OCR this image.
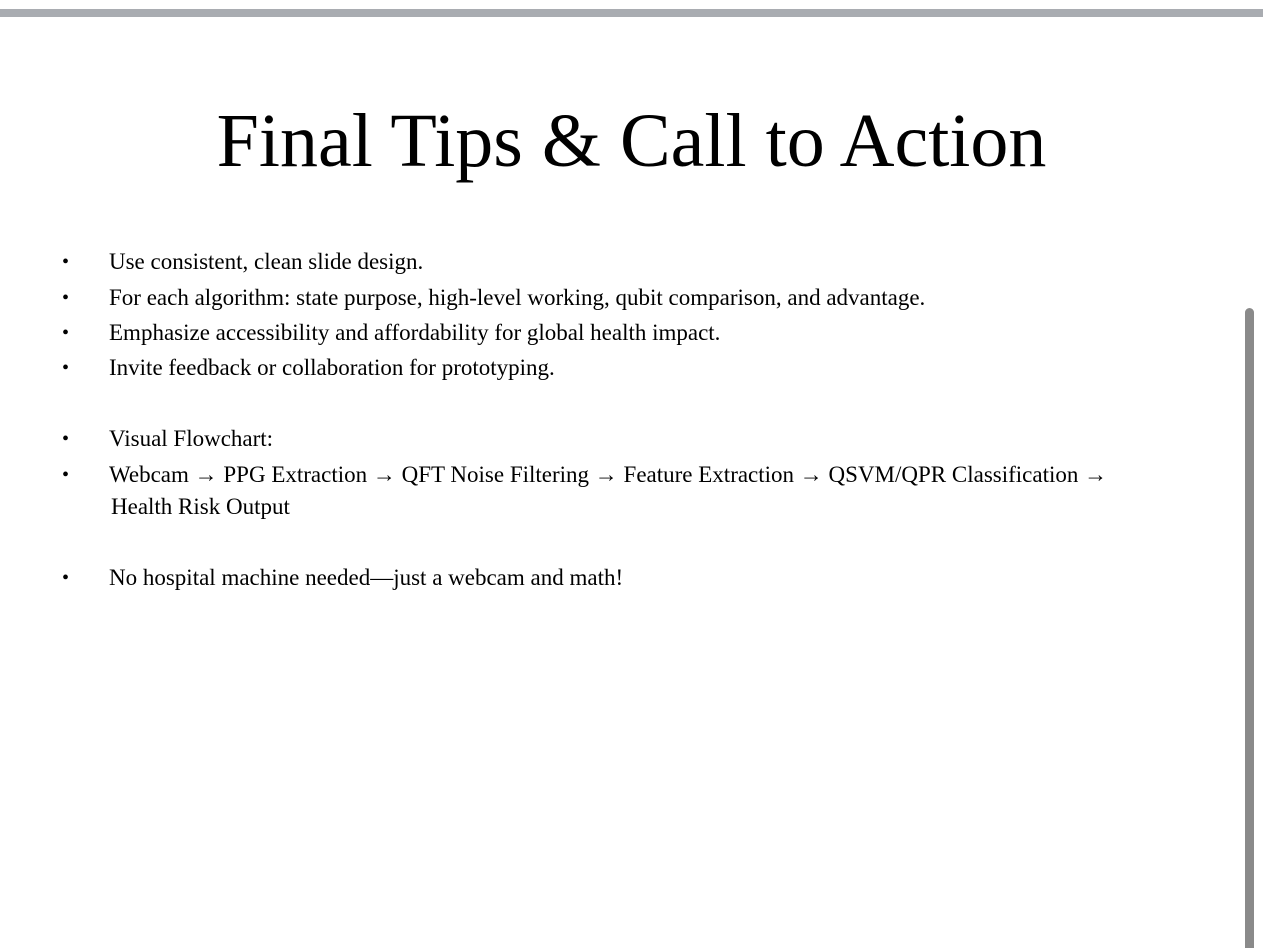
Final Tips & Call to Action
• Use consistent, clean slide design.
• For each algorithm: state purpose, high-level working, qubit comparison, and advantage.
• Emphasize accessibility and affordability for global health impact.
• Invite feedback or collaboration for prototyping.
• Visual Flowchart:
• Webcam → PPG Extraction → QFT Noise Filtering → Feature Extraction → QSVM/QPR Classification →
Health Risk Output
• No hospital machine needed—just a webcam and math!
